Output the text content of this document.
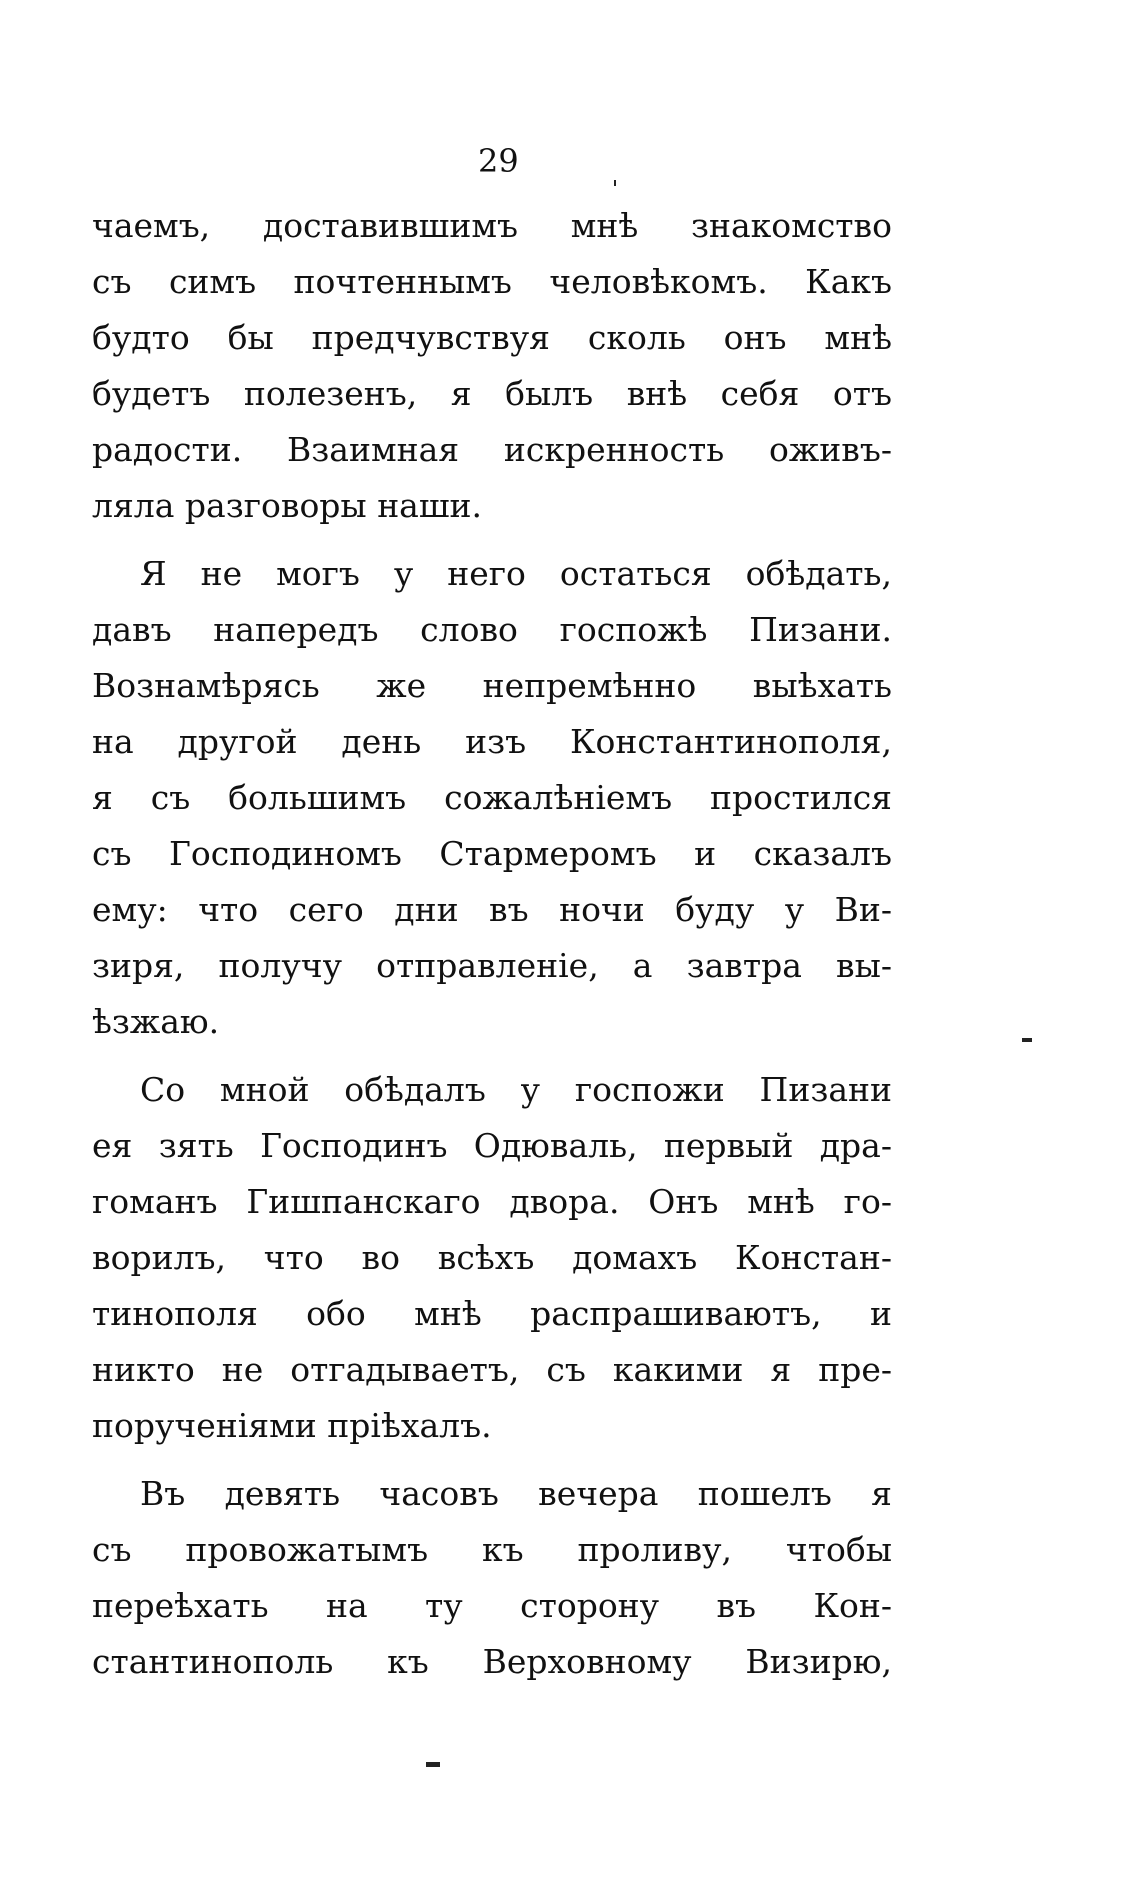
29
чаемъ, доставившимъ мнѣ знакомство
съ симъ почтеннымъ человѣкомъ. Какъ
будто бы предчувствуя сколь онъ мнѣ
будетъ полезенъ, я былъ внѣ себя отъ
радости. Взаимная искренность оживъ-
ляла разговоры наши.
Я не могъ у него остаться обѣдать,
давъ напередъ слово госпожѣ Пизани.
Вознамѣрясь же непремѣнно выѣхать
на другой день изъ Константинополя,
я съ большимъ сожалѣніемъ простился
съ Господиномъ Стармеромъ и сказалъ
ему: что сего дни въ ночи буду у Ви-
зиря, получу отправленіе, а завтра вы-
ѣзжаю.
Со мной обѣдалъ у госпожи Пизани
ея зять Господинъ Одюваль, первый дра-
гоманъ Гишпанскаго двора. Онъ мнѣ го-
ворилъ, что во всѣхъ домахъ Констан-
тинополя обо мнѣ распрашиваютъ, и
никто не отгадываетъ, съ какими я пре-
порученіями пріѣхалъ.
Въ девять часовъ вечера пошелъ я
съ провожатымъ къ проливу, чтобы
переѣхать на ту сторону въ Кон-
стантинополь къ Верховному Визирю,
